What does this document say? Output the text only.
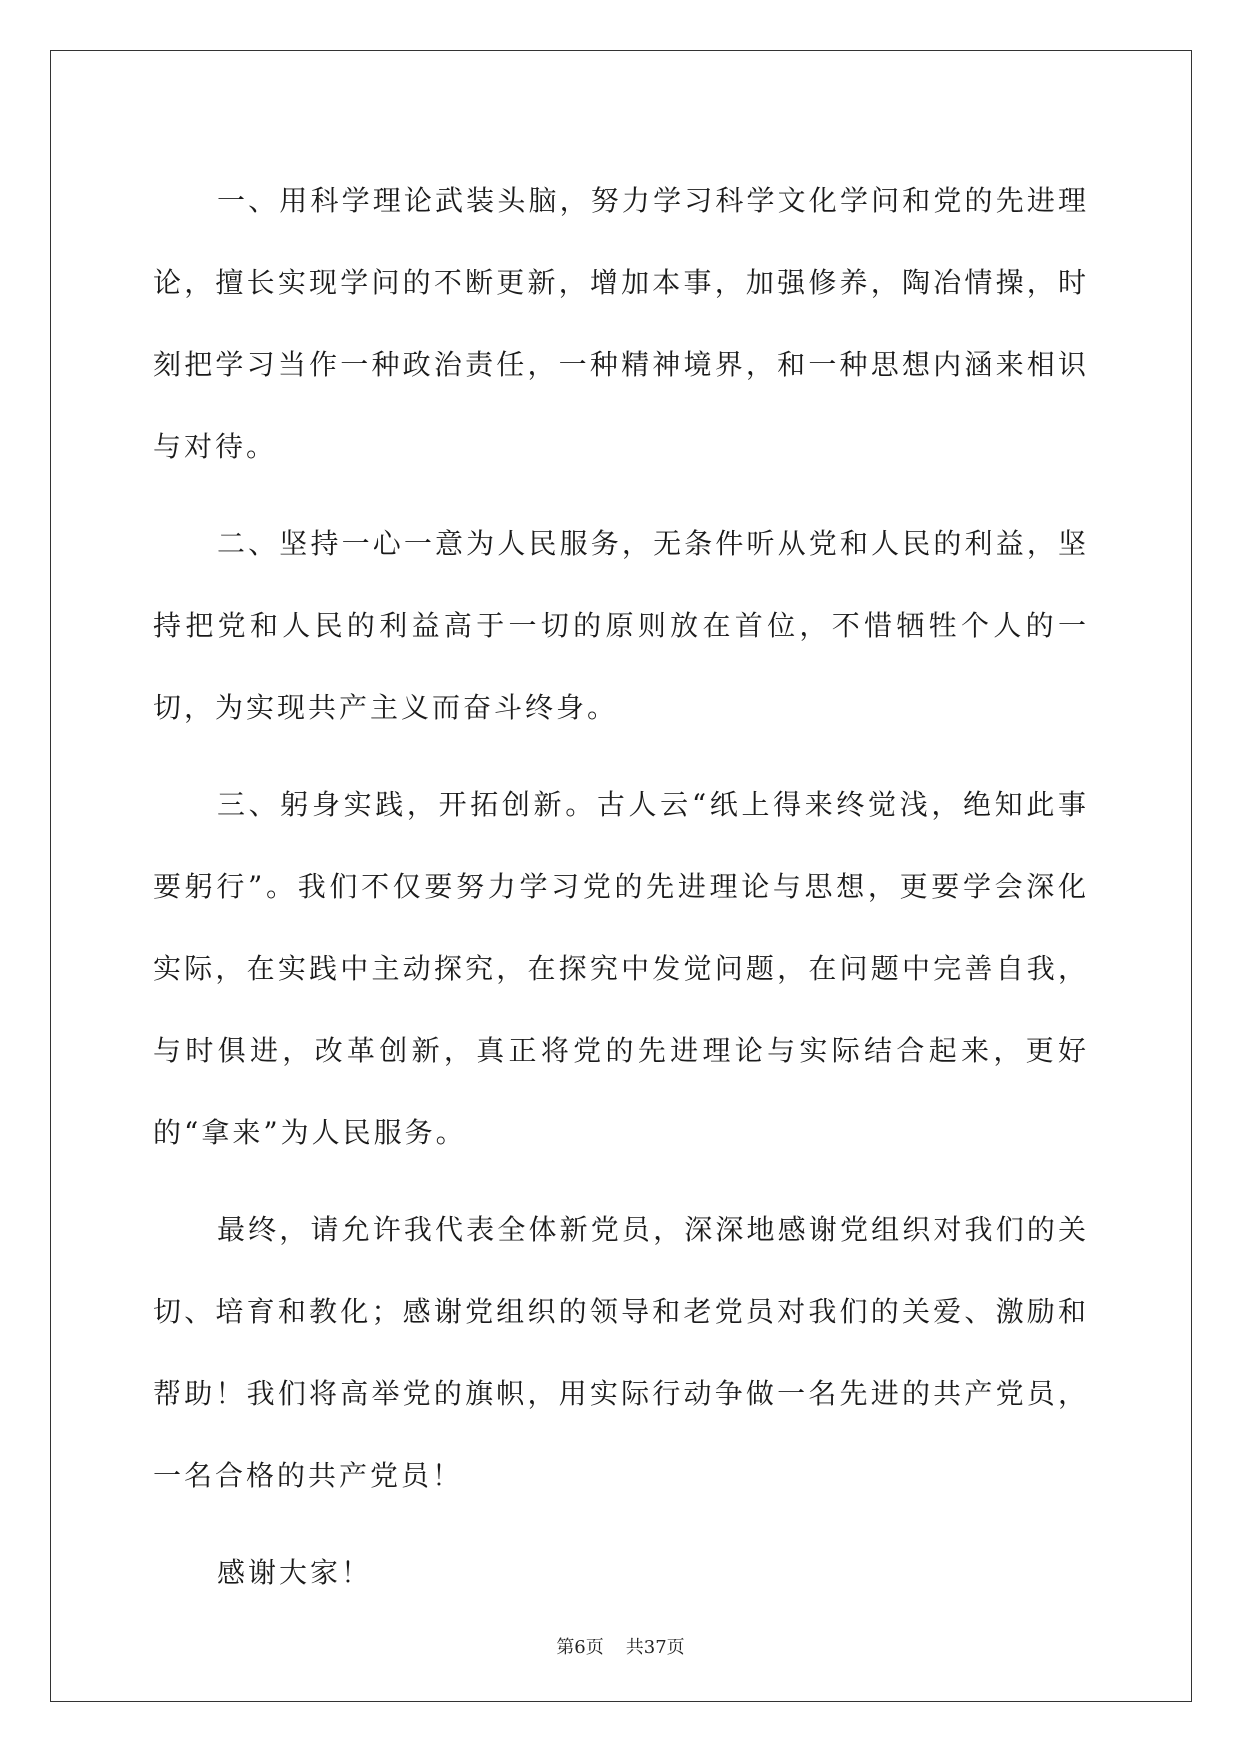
一、用科学理论武装头脑，努力学习科学文化学问和党的先进理论，擅长实现学问的不断更新，增加本事，加强修养，陶冶情操，时刻把学习当作一种政治责任，一种精神境界，和一种思想内涵来相识与对待。

二、坚持一心一意为人民服务，无条件听从党和人民的利益，坚持把党和人民的利益高于一切的原则放在首位，不惜牺牲个人的一切，为实现共产主义而奋斗终身。

三、躬身实践，开拓创新。古人云“纸上得来终觉浅，绝知此事要躬行”。我们不仅要努力学习党的先进理论与思想，更要学会深化实际，在实践中主动探究，在探究中发觉问题，在问题中完善自我，与时俱进，改革创新，真正将党的先进理论与实际结合起来，更好的“拿来”为人民服务。

最终，请允许我代表全体新党员，深深地感谢党组织对我们的关切、培育和教化；感谢党组织的领导和老党员对我们的关爱、激励和帮助！我们将高举党的旗帜，用实际行动争做一名先进的共产党员，一名合格的共产党员！

感谢大家！

第6页 共37页
